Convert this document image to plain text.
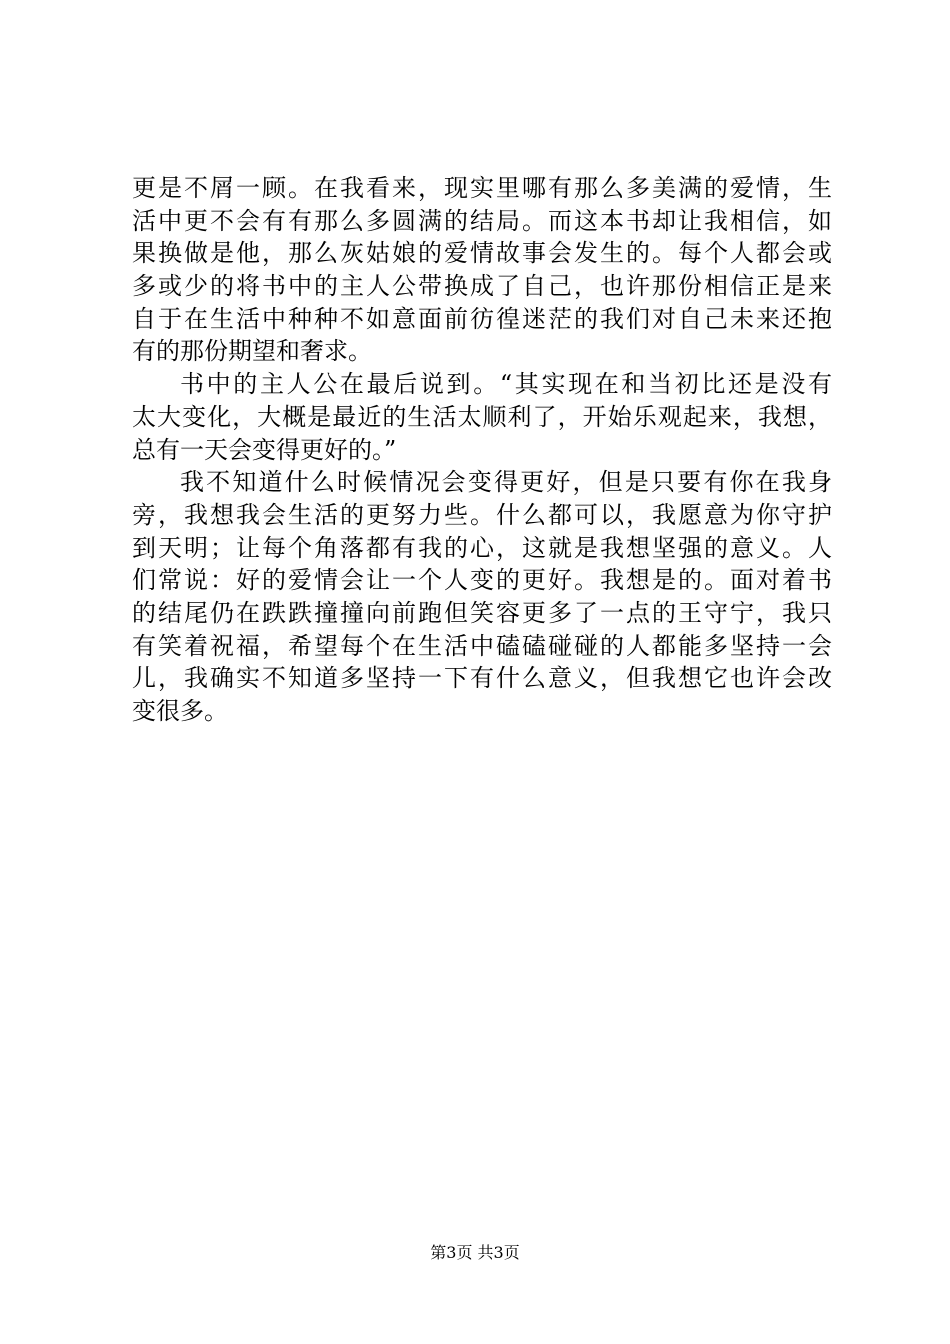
更是不屑一顾。在我看来，现实里哪有那么多美满的爱情，生
活中更不会有有那么多圆满的结局。而这本书却让我相信，如
果换做是他，那么灰姑娘的爱情故事会发生的。每个人都会或
多或少的将书中的主人公带换成了自己，也许那份相信正是来
自于在生活中种种不如意面前彷徨迷茫的我们对自己未来还抱
有的那份期望和奢求。
书中的主人公在最后说到。“其实现在和当初比还是没有
太大变化，大概是最近的生活太顺利了，开始乐观起来，我想，
总有一天会变得更好的。”
我不知道什么时候情况会变得更好，但是只要有你在我身
旁，我想我会生活的更努力些。什么都可以，我愿意为你守护
到天明；让每个角落都有我的心，这就是我想坚强的意义。人
们常说：好的爱情会让一个人变的更好。我想是的。面对着书
的结尾仍在跌跌撞撞向前跑但笑容更多了一点的王守宁，我只
有笑着祝福，希望每个在生活中磕磕碰碰的人都能多坚持一会
儿，我确实不知道多坚持一下有什么意义，但我想它也许会改
变很多。
第3页 共3页
